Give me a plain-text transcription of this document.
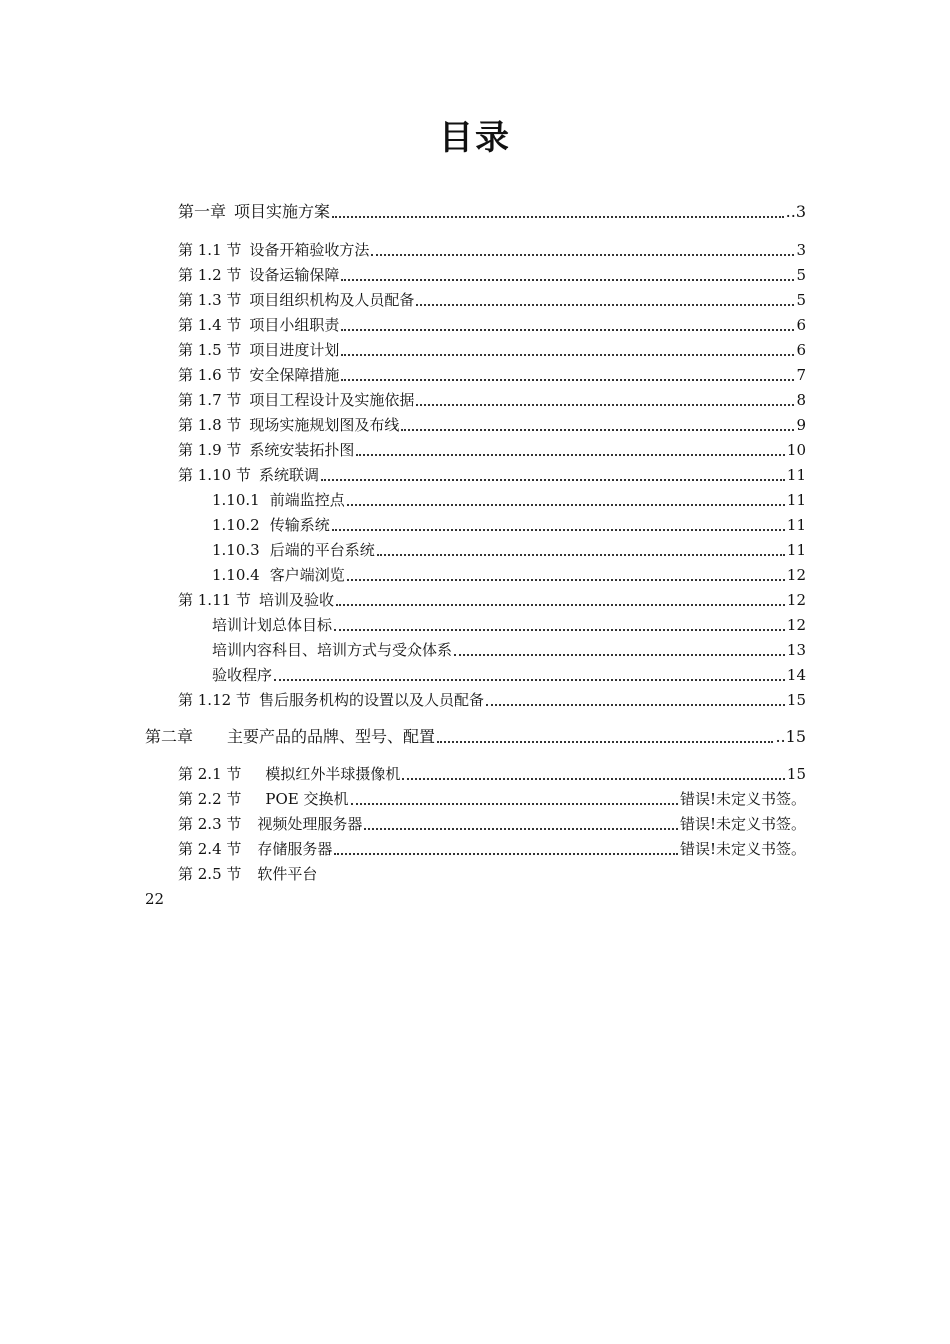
目录
第一章 项目实施方案	..3
第 1.1 节 设备开箱验收方法	3
第 1.2 节 设备运输保障	5
第 1.3 节 项目组织机构及人员配备	5
第 1.4 节 项目小组职责	6
第 1.5 节 项目进度计划	6
第 1.6 节 安全保障措施	7
第 1.7 节 项目工程设计及实施依据	8
第 1.8 节 现场实施规划图及布线	9
第 1.9 节 系统安装拓扑图	10
第 1.10 节 系统联调	11
1.10.1 前端监控点	11
1.10.2 传输系统	11
1.10.3 后端的平台系统	11
1.10.4 客户端浏览	12
第 1.11 节 培训及验收	12
培训计划总体目标	12
培训内容科目、培训方式与受众体系	13
验收程序	14
第 1.12 节 售后服务机构的设置以及人员配备	15
第二章 主要产品的品牌、型号、配置	..15
第 2.1 节 模拟红外半球摄像机	15
第 2.2 节 POE 交换机	错误!未定义书签。
第 2.3 节 视频处理服务器	错误!未定义书签。
第 2.4 节 存储服务器	错误!未定义书签。
第 2.5 节 软件平台
22
